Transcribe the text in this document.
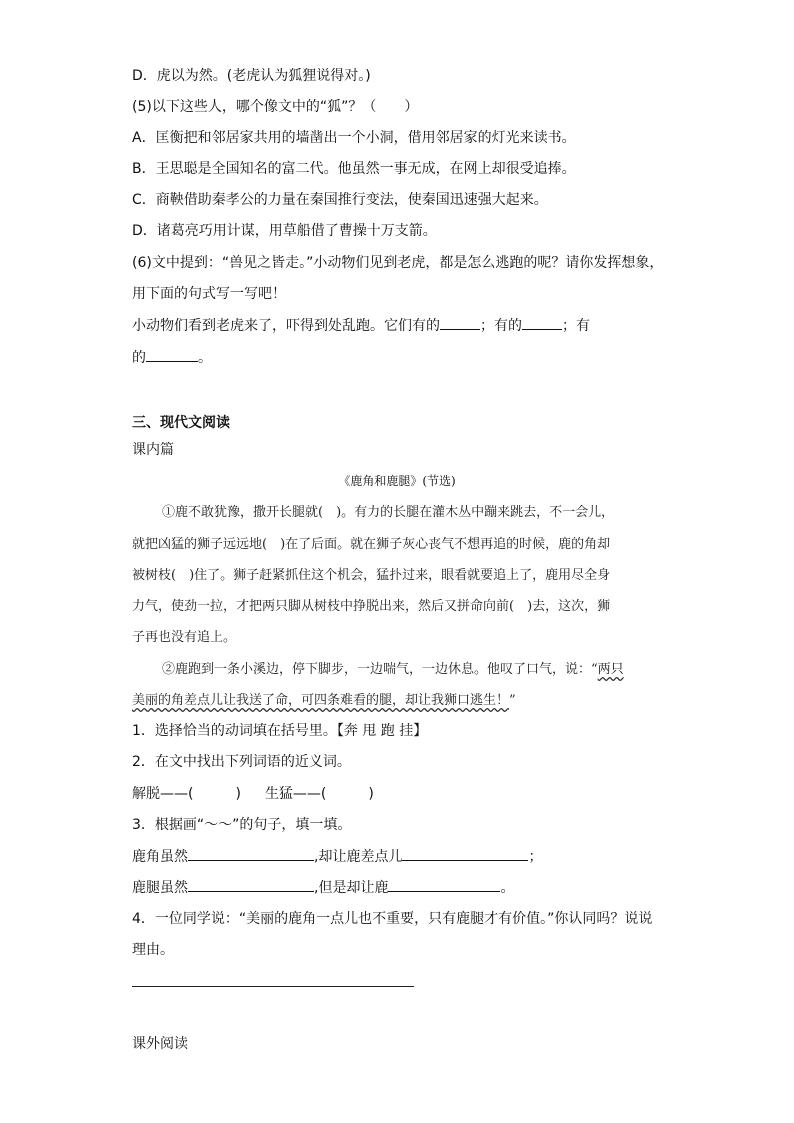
D．虎以为然。(老虎认为狐狸说得对。)
(5)以下这些人，哪个像文中的“狐”？（　　）
A．匡衡把和邻居家共用的墙凿出一个小洞，借用邻居家的灯光来读书。
B．王思聪是全国知名的富二代。他虽然一事无成，在网上却很受追捧。
C．商鞅借助秦孝公的力量在秦国推行变法，使秦国迅速强大起来。
D．诸葛亮巧用计谋，用草船借了曹操十万支箭。
(6)文中提到：“兽见之皆走。”小动物们见到老虎，都是怎么逃跑的呢？请你发挥想象，
用下面的句式写一写吧！
小动物们看到老虎来了，吓得到处乱跑。它们有的	；有的	；有
的	。
三、现代文阅读
课内篇
《鹿角和鹿腿》(节选)
①鹿不敢犹豫，撒开长腿就(　)。有力的长腿在灌木丛中蹦来跳去，不一会儿，
就把凶猛的狮子远远地(　)在了后面。就在狮子灰心丧气不想再追的时候，鹿的角却
被树枝(　)住了。狮子赶紧抓住这个机会，猛扑过来，眼看就要追上了，鹿用尽全身
力气，使劲一拉，才把两只脚从树枝中挣脱出来，然后又拼命向前(　)去，这次，狮
子再也没有追上。
②鹿跑到一条小溪边，停下脚步，一边喘气，一边休息。他叹了口气，说：“两只
美丽的角差点儿让我送了命，可四条难看的腿，却让我狮口逃生！”
1．选择恰当的动词填在括号里。【奔 甩 跑 挂】
2．在文中找出下列词语的近义词。
解脱——(　　　) 生猛——(　　　)
3．根据画“～～”的句子，填一填。
鹿角虽然	,却让鹿差点儿	；
鹿腿虽然	,但是却让鹿	。
4．一位同学说：“美丽的鹿角一点儿也不重要，只有鹿腿才有价值。”你认同吗？说说
理由。
课外阅读
